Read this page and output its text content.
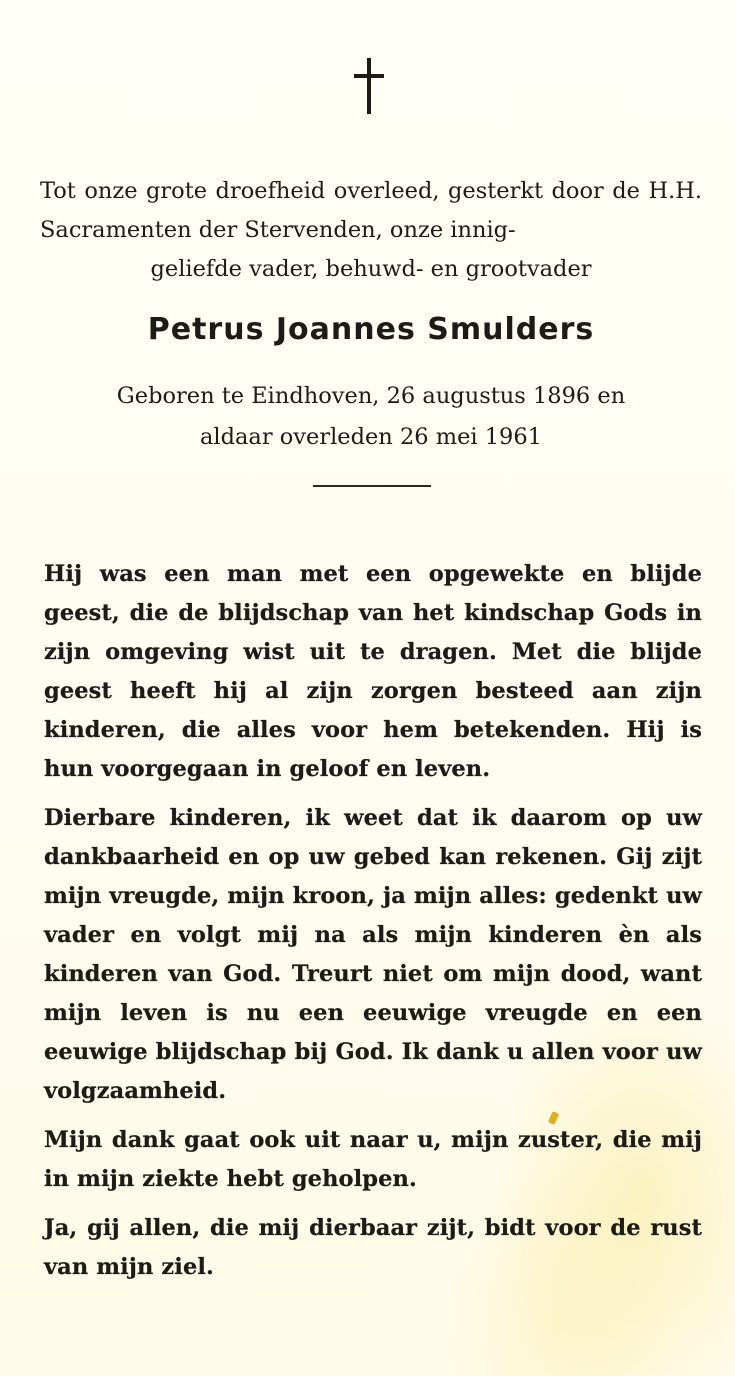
Tot onze grote droefheid overleed, gesterkt door de H.H. Sacramenten der Stervenden, onze innig-
geliefde vader, behuwd- en grootvader
Petrus Joannes Smulders
Geboren te Eindhoven, 26 augustus 1896 en
aldaar overleden 26 mei 1961

Hij was een man met een opgewekte en blijde geest, die de blijdschap van het kindschap Gods in zijn omgeving wist uit te dragen. Met die blijde geest heeft hij al zijn zorgen besteed aan zijn kinderen, die alles voor hem betekenden. Hij is hun voorgegaan in geloof en leven.

Dierbare kinderen, ik weet dat ik daarom op uw dankbaarheid en op uw gebed kan rekenen. Gij zijt mijn vreugde, mijn kroon, ja mijn alles: gedenkt uw vader en volgt mij na als mijn kinderen èn als kinderen van God. Treurt niet om mijn dood, want mijn leven is nu een eeuwige vreugde en een eeuwige blijdschap bij God. Ik dank u allen voor uw volgzaamheid.

Mijn dank gaat ook uit naar u, mijn zuster, die mij in mijn ziekte hebt geholpen.

Ja, gij allen, die mij dierbaar zijt, bidt voor de rust van mijn ziel.
